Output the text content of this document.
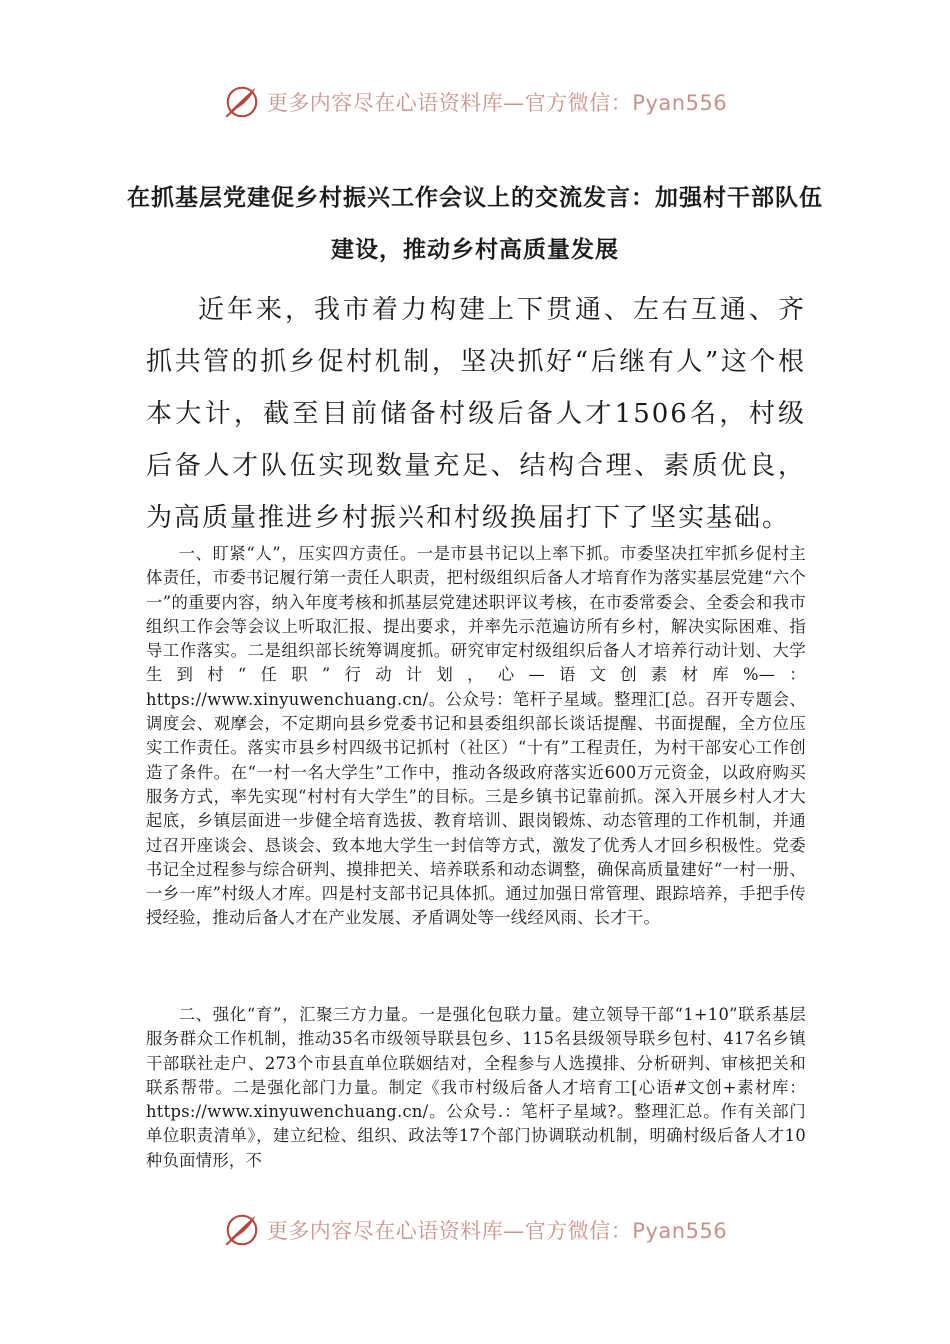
更多内容尽在心语资料库—官方微信：Pyan556
在抓基层党建促乡村振兴工作会议上的交流发言：加强村干部队伍建设，推动乡村高质量发展

近年来，我市着力构建上下贯通、左右互通、齐抓共管的抓乡促村机制，坚决抓好“后继有人”这个根本大计，截至目前储备村级后备人才1506名，村级后备人才队伍实现数量充足、结构合理、素质优良，为高质量推进乡村振兴和村级换届打下了坚实基础。

一、盯紧“人”，压实四方责任。一是市县书记以上率下抓。市委坚决扛牢抓乡促村主体责任，市委书记履行第一责任人职责，把村级组织后备人才培育作为落实基层党建“六个一”的重要内容，纳入年度考核和抓基层党建述职评议考核，在市委常委会、全委会和我市组织工作会等会议上听取汇报、提出要求，并率先示范遍访所有乡村，解决实际困难、指导工作落实。二是组织部长统筹调度抓。研究审定村级组织后备人才培养行动计划、大学生到村“任职”行动计划，心—语文创素材库%—：https://www.xinyuwenchuang.cn/。公众号：笔杆子星域。整理汇[总。召开专题会、调度会、观摩会，不定期向县乡党委书记和县委组织部长谈话提醒、书面提醒，全方位压实工作责任。落实市县乡村四级书记抓村（社区）“十有”工程责任，为村干部安心工作创造了条件。在“一村一名大学生”工作中，推动各级政府落实近600万元资金，以政府购买服务方式，率先实现“村村有大学生”的目标。三是乡镇书记靠前抓。深入开展乡村人才大起底，乡镇层面进一步健全培育选拔、教育培训、跟岗锻炼、动态管理的工作机制，并通过召开座谈会、恳谈会、致本地大学生一封信等方式，激发了优秀人才回乡积极性。党委书记全过程参与综合研判、摸排把关、培养联系和动态调整，确保高质量建好“一村一册、一乡一库”村级人才库。四是村支部书记具体抓。通过加强日常管理、跟踪培养，手把手传授经验，推动后备人才在产业发展、矛盾调处等一线经风雨、长才干。

二、强化“育”，汇聚三方力量。一是强化包联力量。建立领导干部“1+10”联系基层服务群众工作机制，推动35名市级领导联县包乡、115名县级领导联乡包村、417名乡镇干部联社走户、273个市县直单位联姻结对，全程参与人选摸排、分析研判、审核把关和联系帮带。二是强化部门力量。制定《我市村级后备人才培育工[心语#文创+素材库：https://www.xinyuwenchuang.cn/。公众号.：笔杆子星域?。整理汇总。作有关部门单位职责清单》，建立纪检、组织、政法等17个部门协调联动机制，明确村级后备人才10种负面情形，不

更多内容尽在心语资料库—官方微信：Pyan556
